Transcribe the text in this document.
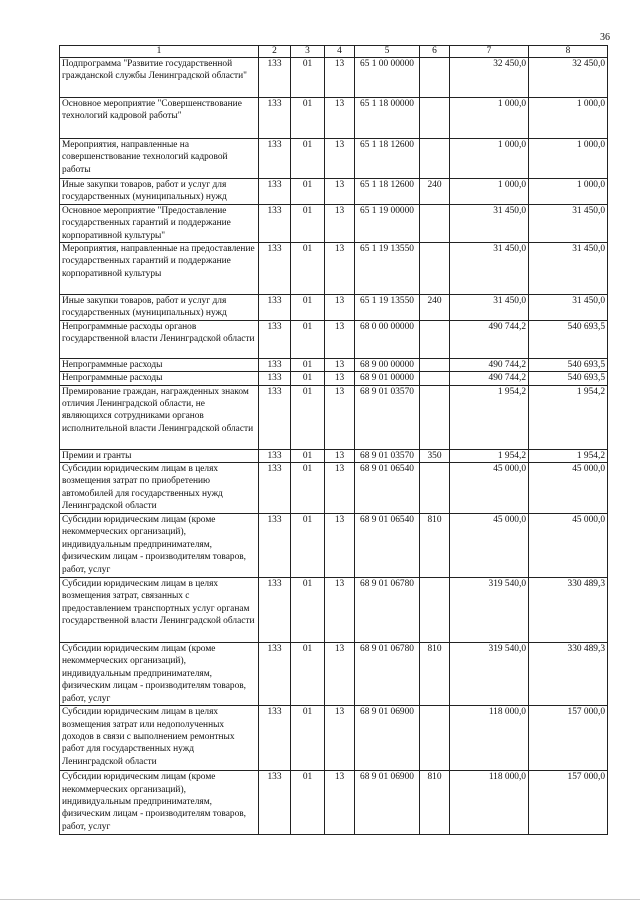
36
1	2	3	4	5	6	7	8
Подпрограмма "Развитие государственной гражданской службы Ленинградской области"	133	01	13	65 1 00 00000		32 450,0	32 450,0
Основное мероприятие "Совершенствование технологий кадровой работы"	133	01	13	65 1 18 00000		1 000,0	1 000,0
Мероприятия, направленные на совершенствование технологий кадровой работы	133	01	13	65 1 18 12600		1 000,0	1 000,0
Иные закупки товаров, работ и услуг для государственных (муниципальных) нужд	133	01	13	65 1 18 12600	240	1 000,0	1 000,0
Основное мероприятие "Предоставление государственных гарантий и поддержание корпоративной культуры"	133	01	13	65 1 19 00000		31 450,0	31 450,0
Мероприятия, направленные на предоставление государственных гарантий и поддержание корпоративной культуры	133	01	13	65 1 19 13550		31 450,0	31 450,0
Иные закупки товаров, работ и услуг для государственных (муниципальных) нужд	133	01	13	65 1 19 13550	240	31 450,0	31 450,0
Непрограммные расходы органов государственной власти Ленинградской области	133	01	13	68 0 00 00000		490 744,2	540 693,5
Непрограммные расходы	133	01	13	68 9 00 00000		490 744,2	540 693,5
Непрограммные расходы	133	01	13	68 9 01 00000		490 744,2	540 693,5
Премирование граждан, награжденных знаком отличия Ленинградской области, не являющихся сотрудниками органов исполнительной власти Ленинградской области	133	01	13	68 9 01 03570		1 954,2	1 954,2
Премии и гранты	133	01	13	68 9 01 03570	350	1 954,2	1 954,2
Субсидии юридическим лицам в целях возмещения затрат по приобретению автомобилей для государственных нужд Ленинградской области	133	01	13	68 9 01 06540		45 000,0	45 000,0
Субсидии юридическим лицам (кроме некоммерческих организаций), индивидуальным предпринимателям, физическим лицам - производителям товаров, работ, услуг	133	01	13	68 9 01 06540	810	45 000,0	45 000,0
Субсидии юридическим лицам в целях возмещения затрат, связанных с предоставлением транспортных услуг органам государственной власти Ленинградской области	133	01	13	68 9 01 06780		319 540,0	330 489,3
Субсидии юридическим лицам (кроме некоммерческих организаций), индивидуальным предпринимателям, физическим лицам - производителям товаров, работ, услуг	133	01	13	68 9 01 06780	810	319 540,0	330 489,3
Субсидии юридическим лицам в целях возмещения затрат или недополученных доходов в связи с выполнением ремонтных работ для государственных нужд Ленинградской области	133	01	13	68 9 01 06900		118 000,0	157 000,0
Субсидии юридическим лицам (кроме некоммерческих организаций), индивидуальным предпринимателям, физическим лицам - производителям товаров, работ, услуг	133	01	13	68 9 01 06900	810	118 000,0	157 000,0
